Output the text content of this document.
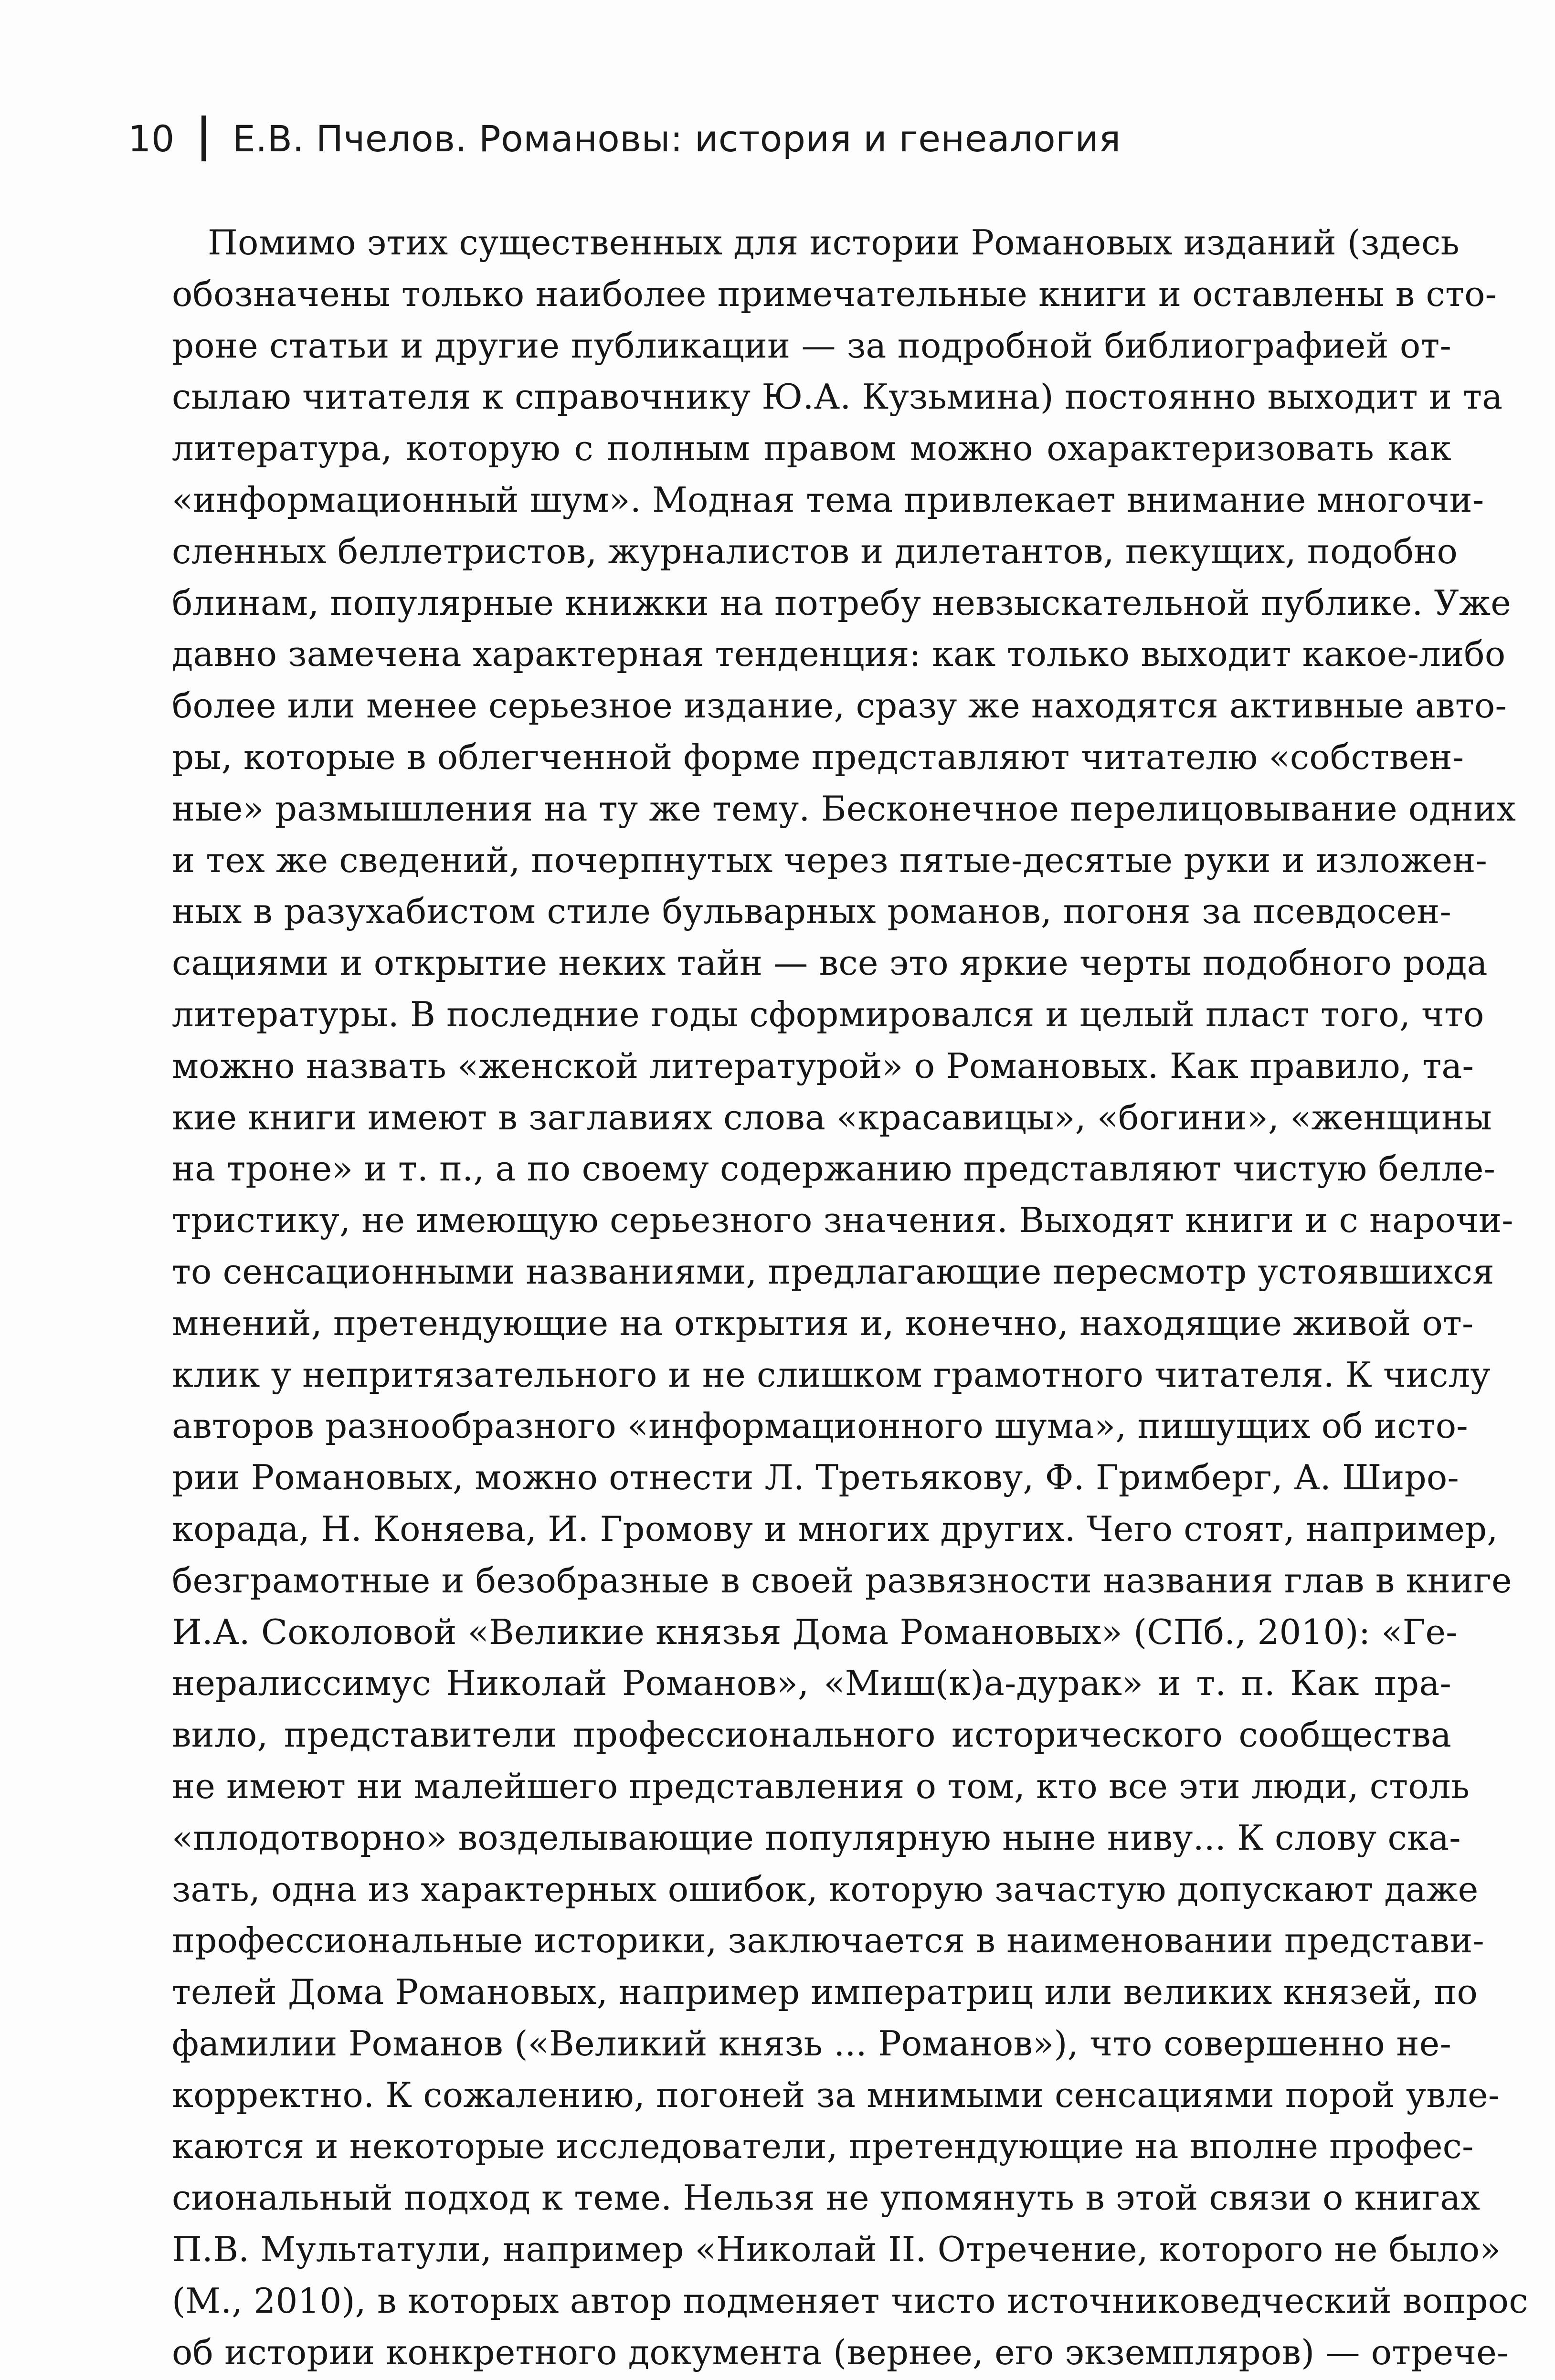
10 Е.В. Пчелов. Романовы: история и генеалогия
Помимо этих существенных для истории Романовых изданий (здесь
обозначены только наиболее примечательные книги и оставлены в сто-
роне статьи и другие публикации — за подробной библиографией от-
сылаю читателя к справочнику Ю.А. Кузьмина) постоянно выходит и та
литература, которую с полным правом можно охарактеризовать как
«информационный шум». Модная тема привлекает внимание многочи-
сленных беллетристов, журналистов и дилетантов, пекущих, подобно
блинам, популярные книжки на потребу невзыскательной публике. Уже
давно замечена характерная тенденция: как только выходит какое-либо
более или менее серьезное издание, сразу же находятся активные авто-
ры, которые в облегченной форме представляют читателю «собствен-
ные» размышления на ту же тему. Бесконечное перелицовывание одних
и тех же сведений, почерпнутых через пятые-десятые руки и изложен-
ных в разухабистом стиле бульварных романов, погоня за псевдосен-
сациями и открытие неких тайн — все это яркие черты подобного рода
литературы. В последние годы сформировался и целый пласт того, что
можно назвать «женской литературой» о Романовых. Как правило, та-
кие книги имеют в заглавиях слова «красавицы», «богини», «женщины
на троне» и т. п., а по своему содержанию представляют чистую белле-
тристику, не имеющую серьезного значения. Выходят книги и с нарочи-
то сенсационными названиями, предлагающие пересмотр устоявшихся
мнений, претендующие на открытия и, конечно, находящие живой от-
клик у непритязательного и не слишком грамотного читателя. К числу
авторов разнообразного «информационного шума», пишущих об исто-
рии Романовых, можно отнести Л. Третьякову, Ф. Гримберг, А. Широ-
корада, Н. Коняева, И. Громову и многих других. Чего стоят, например,
безграмотные и безобразные в своей развязности названия глав в книге
И.А. Соколовой «Великие князья Дома Романовых» (СПб., 2010): «Ге-
нералиссимус Николай Романов», «Миш(к)а-дурак» и т. п. Как пра-
вило, представители профессионального исторического сообщества
не имеют ни малейшего представления о том, кто все эти люди, столь
«плодотворно» возделывающие популярную ныне ниву... К слову ска-
зать, одна из характерных ошибок, которую зачастую допускают даже
профессиональные историки, заключается в наименовании представи-
телей Дома Романовых, например императриц или великих князей, по
фамилии Романов («Великий князь ... Романов»), что совершенно не-
корректно. К сожалению, погоней за мнимыми сенсациями порой увле-
каются и некоторые исследователи, претендующие на вполне профес-
сиональный подход к теме. Нельзя не упомянуть в этой связи о книгах
П.В. Мультатули, например «Николай II. Отречение, которого не было»
(М., 2010), в которых автор подменяет чисто источниковедческий вопрос
об истории конкретного документа (вернее, его экземпляров) — отрече-
